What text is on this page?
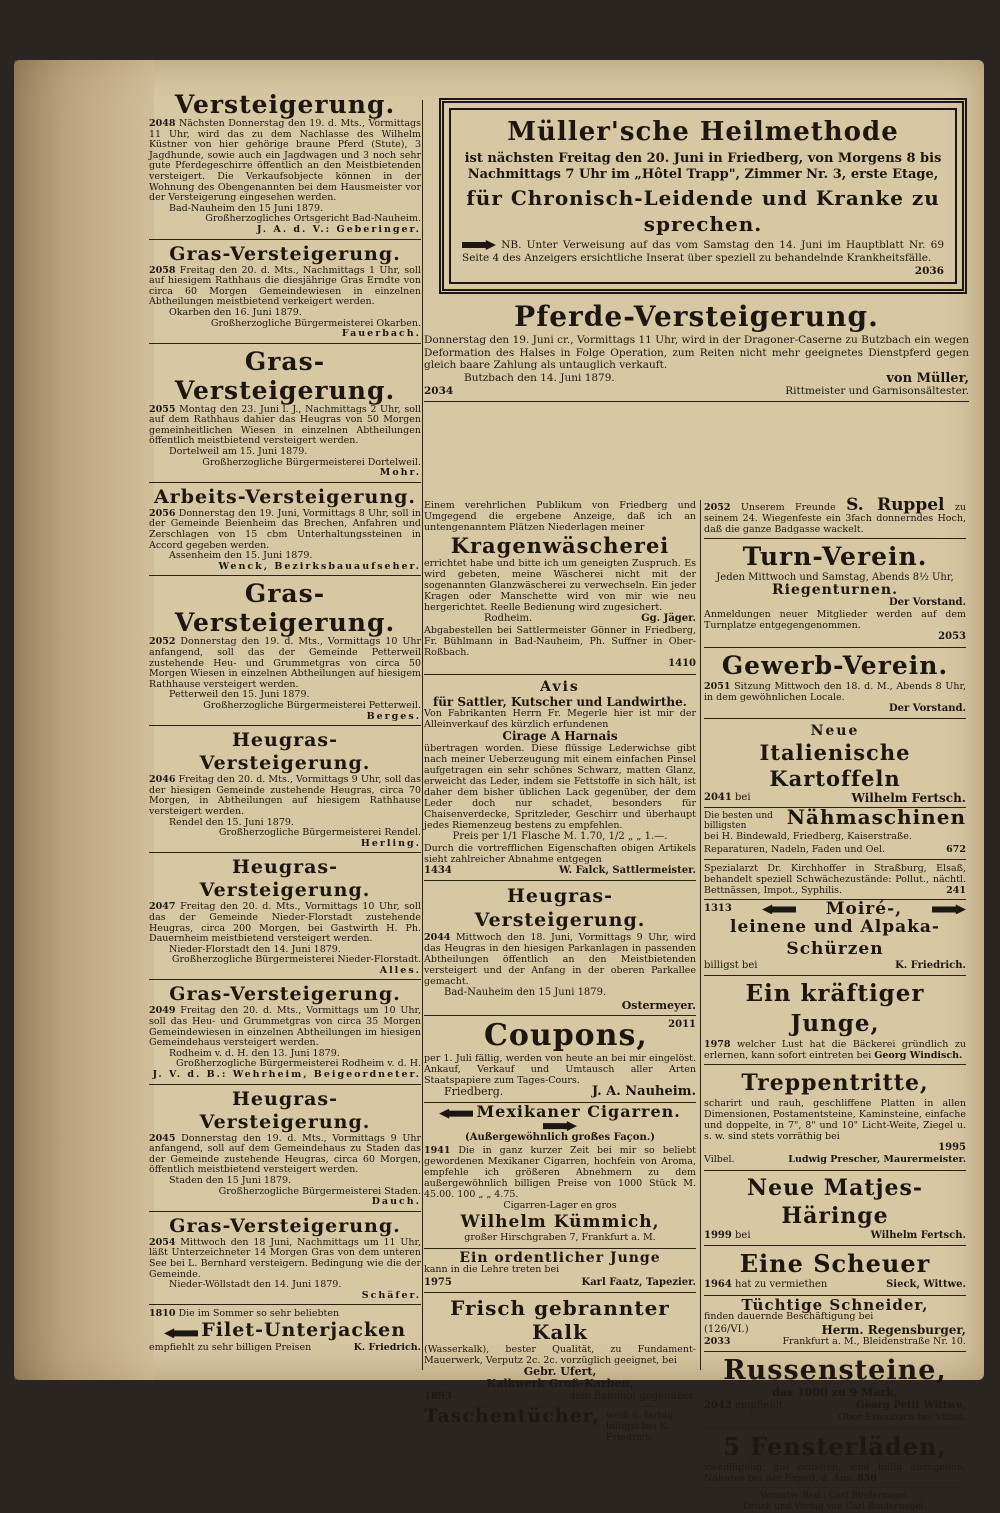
Müller'sche Heilmethode
ist nächsten Freitag den 20. Juni in Friedberg, von Morgens 8 bis Nachmittags 7 Uhr im „Hôtel Trapp", Zimmer Nr. 3, erste Etage,
für Chronisch-Leidende und Kranke zu sprechen.
NB. Unter Verweisung auf das vom Samstag den 14. Juni im Hauptblatt Nr. 69 Seite 4 des Anzeigers ersichtliche Inserat über speziell zu behandelnde Krankheitsfälle.
2036
Pferde-Versteigerung.
Donnerstag den 19. Juni cr., Vormittags 11 Uhr, wird in der Dragoner-Caserne zu Butzbach ein wegen Deformation des Halses in Folge Operation, zum Reiten nicht mehr geeignetes Dienstpferd gegen gleich baare Zahlung als untauglich verkauft.
Butzbach den 14. Juni 1879.	von Müller,
2034	Rittmeister und Garnisonsältester.
Versteigerung.
2048 Nächsten Donnerstag den 19. d. Mts., Vormittags 11 Uhr, wird das zu dem Nachlasse des Wilhelm Küstner von hier gehörige braune Pferd (Stute), 3 Jagdhunde, sowie auch ein Jagdwagen und 3 noch sehr gute Pferdegeschirre öffentlich an den Meistbietenden versteigert. Die Verkaufsobjecte können in der Wohnung des Obengenannten bei dem Hausmeister vor der Versteigerung eingesehen werden.
Bad-Nauheim den 15 Juni 1879.
Großherzogliches Ortsgericht Bad-Nauheim.
J. A. d. V.: Geberinger.
Gras-Versteigerung.
2058 Freitag den 20. d. Mts., Nachmittags 1 Uhr, soll auf hiesigem Rathhaus die diesjährige Gras Erndte von circa 60 Morgen Gemeindewiesen in einzelnen Abtheilungen meistbietend verkeigert werden.
Okarben den 16. Juni 1879.
Großherzogliche Bürgermeisterei Okarben.
Fauerbach.
Gras-Versteigerung.
2055 Montag den 23. Juni l. J., Nachmittags 2 Uhr, soll auf dem Rathhaus dahier das Heugras von 50 Morgen gemeinheitlichen Wiesen in einzelnen Abtheilungen öffentlich meistbietend versteigert werden.
Dortelweil am 15. Juni 1879.
Großherzogliche Bürgermeisterei Dortelweil.
Mohr.
Arbeits-Versteigerung.
2056 Donnerstag den 19. Juni, Vormittags 8 Uhr, soll in der Gemeinde Beienheim das Brechen, Anfahren und Zerschlagen von 15 cbm Unterhaltungssteinen in Accord gegeben werden.
Assenheim den 15. Juni 1879.
Wenck, Bezirksbauaufseher.
Gras-Versteigerung.
2052 Donnerstag den 19. d. Mts., Vormittags 10 Uhr anfangend, soll das der Gemeinde Petterweil zustehende Heu- und Grummetgras von circa 50 Morgen Wiesen in einzelnen Abtheilungen auf hiesigem Rathhause versteigert werden.
Petterweil den 15. Juni 1879.
Großherzogliche Bürgermeisterei Petterweil.
Berges.
Heugras-Versteigerung.
2046 Freitag den 20. d. Mts., Vormittags 9 Uhr, soll das der hiesigen Gemeinde zustehende Heugras, circa 70 Morgen, in Abtheilungen auf hiesigem Rathhause versteigert werden.
Rendel den 15. Juni 1879.
Großherzogliche Bürgermeisterei Rendel.
Herling.
Heugras-Versteigerung.
2047 Freitag den 20. d. Mts., Vormittags 10 Uhr, soll das der Gemeinde Nieder-Florstadt zustehende Heugras, circa 200 Morgen, bei Gastwirth H. Ph. Dauernheim meistbietend versteigert werden.
Nieder-Florstadt den 14. Juni 1879.
Großherzogliche Bürgermeisterei Nieder-Florstadt.
Alles.
Gras-Versteigerung.
2049 Freitag den 20. d. Mts., Vormittags um 10 Uhr, soll das Heu- und Grummetgras von circa 35 Morgen Gemeindewiesen in einzelnen Abtheilungen im hiesigen Gemeindehaus versteigert werden.
Rodheim v. d. H. den 13. Juni 1879.
Großherzogliche Bürgermeisterei Rodheim v. d. H.
J. V. d. B.: Wehrheim, Beigeordneter.
Heugras-Versteigerung.
2045 Donnerstag den 19. d. Mts., Vormittags 9 Uhr anfangend, soll auf dem Gemeindehaus zu Staden das der Gemeinde zustehende Heugras, circa 60 Morgen, öffentlich meistbietend versteigert werden.
Staden den 15 Juni 1879.
Großherzogliche Bürgermeisterei Staden.
Dauch.
Gras-Versteigerung.
2054 Mittwoch den 18 Juni, Nachmittags um 11 Uhr, läßt Unterzeichneter 14 Morgen Gras von dem unteren See bei L. Bernhard versteigern. Bedingung wie die der Gemeinde.
Nieder-Wöllstadt den 14. Juni 1879.
Schäfer.
1810 Die im Sommer so sehr beliebten
Filet-Unterjacken
empfiehlt zu sehr billigen Preisen	K. Friedrich.
Einem verehrlichen Publikum von Friedberg und Umgegend die ergebene Anzeige, daß ich an untengenanntem Plätzen Niederlagen meiner
Kragenwäscherei
errichtet habe und bitte ich um geneigten Zuspruch. Es wird gebeten, meine Wäscherei nicht mit der sogenannten Glanzwäscherei zu verwechseln. Ein jeder Kragen oder Manschette wird von mir wie neu hergerichtet. Reelle Bedienung wird zugesichert.
Rodheim.	Gg. Jäger.
Abgabestellen bei Sattlermeister Gönner in Friedberg, Fr. Bühlmann in Bad-Nauheim, Ph. Suffner in Ober-Roßbach.
1410
Avis
für Sattler, Kutscher und Landwirthe.
Von Fabrikanten Herrn Fr. Megerle hier ist mir der Alleinverkauf des kürzlich erfundenen
Cirage A Harnais
übertragen worden. Diese flüssige Lederwichse gibt nach meiner Ueberzeugung mit einem einfachen Pinsel aufgetragen ein sehr schönes Schwarz, matten Glanz, erweicht das Leder, indem sie Fettstoffe in sich hält, ist daher dem bisher üblichen Lack gegenüber, der dem Leder doch nur schadet, besonders für Chaisenverdecke, Spritzleder, Geschirr und überhaupt jedes Riemenzeug bestens zu empfehlen.
Preis per 1/1 Flasche M. 1.70, 1/2 „ „ 1.—.
Durch die vortrefflichen Eigenschaften obigen Artikels sieht zahlreicher Abnahme entgegen
1434	W. Falck, Sattlermeister.
Heugras-Versteigerung.
2044 Mittwoch den 18. Juni, Vormittags 9 Uhr, wird das Heugras in den hiesigen Parkanlagen in passenden Abtheilungen öffentlich an den Meistbietenden versteigert und der Anfang in der oberen Parkallee gemacht.
Bad-Nauheim den 15 Juni 1879.
Ostermeyer.
Coupons, 2011
per 1. Juli fällig, werden von heute an bei mir eingelöst. Ankauf, Verkauf und Umtausch aller Arten Staatspapiere zum Tages-Cours.
Friedberg.	J. A. Nauheim.
Mexikaner Cigarren.
(Außergewöhnlich großes Façon.)
1941 Die in ganz kurzer Zeit bei mir so beliebt gewordenen Mexikaner Cigarren, hochfein von Aroma, empfehle ich größeren Abnehmern zu dem außergewöhnlich billigen Preise von 1000 Stück M. 45.00. 100 „ „ 4.75.
Cigarren-Lager en gros
Wilhelm Kümmich,
großer Hirschgraben 7, Frankfurt a. M.
Ein ordentlicher Junge
kann in die Lehre treten bei
1975	Karl Faatz, Tapezier.
Frisch gebrannter Kalk
(Wasserkalk), bester Qualität, zu Fundament-Mauerwerk, Verputz 2c. 2c. vorzüglich geeignet, bei
Gebr. Ufert,
Kalkwerk Groß-Karben,
1893	dem Bahnhof gegenüber.
Taschentücher, weiß u. farbig, billigst bei K. Friedrich.
2052 Unserem Freunde S. Ruppel zu seinem 24. Wiegenfeste ein 3fach donnerndes Hoch, daß die ganze Badgasse wackelt.
Turn-Verein.
Jeden Mittwoch und Samstag, Abends 8½ Uhr,
Riegenturnen.
Der Vorstand.
Anmeldungen neuer Mitglieder werden auf dem Turnplatze entgegengenommen.
2053
Gewerb-Verein.
2051 Sitzung Mittwoch den 18. d. M., Abends 8 Uhr, in dem gewöhnlichen Locale.
Der Vorstand.
Neue
Italienische Kartoffeln
2041 bei	Wilhelm Fertsch.
Die besten und billigsten	Nähmaschinen
bei H. Bindewald, Friedberg, Kaiserstraße.
Reparaturen, Nadeln, Faden und Oel.	672
Spezialarzt Dr. Kirchhoffer in Straßburg, Elsaß, behandelt speziell Schwächezustände: Pollut., nächtl. Bettnässen, Impot., Syphilis.	241
1313	Moiré-,
leinene und Alpaka-Schürzen
billigst bei	K. Friedrich.
Ein kräftiger Junge,
1978 welcher Lust hat die Bäckerei gründlich zu erlernen, kann sofort eintreten bei Georg Windisch.
Treppentritte,
scharirt und rauh, geschliffene Platten in allen Dimensionen, Postamentsteine, Kaminsteine, einfache und doppelte, in 7", 8" und 10" Licht-Weite, Ziegel u. s. w. sind stets vorräthig bei
1995
Vilbel.	Ludwig Prescher, Maurermeister.
Neue Matjes-Häringe
1999 bei	Wilhelm Fertsch.
Eine Scheuer
1964 hat zu vermiethen	Sieck, Wittwe.
Tüchtige Schneider,
finden dauernde Beschäftigung bei
(126/VI.)	Herm. Regensburger,
2033	Frankfurt a. M., Bleidenstraße Nr. 10.
Russensteine,
das 1000 zu 9 Mark,
2042 empfiehlt	Georg Petit Wittwe,
Ober-Erlenbach bei Vilbel.
5 Fensterläden,
zweiflügelig, gut erhalten, sind billig abzugeben. Näheres bei der Exped. d. Anz. 850
Verantw. Red.: Carl Bindernagel.
Druck und Verlag von Carl Bindernagel.
